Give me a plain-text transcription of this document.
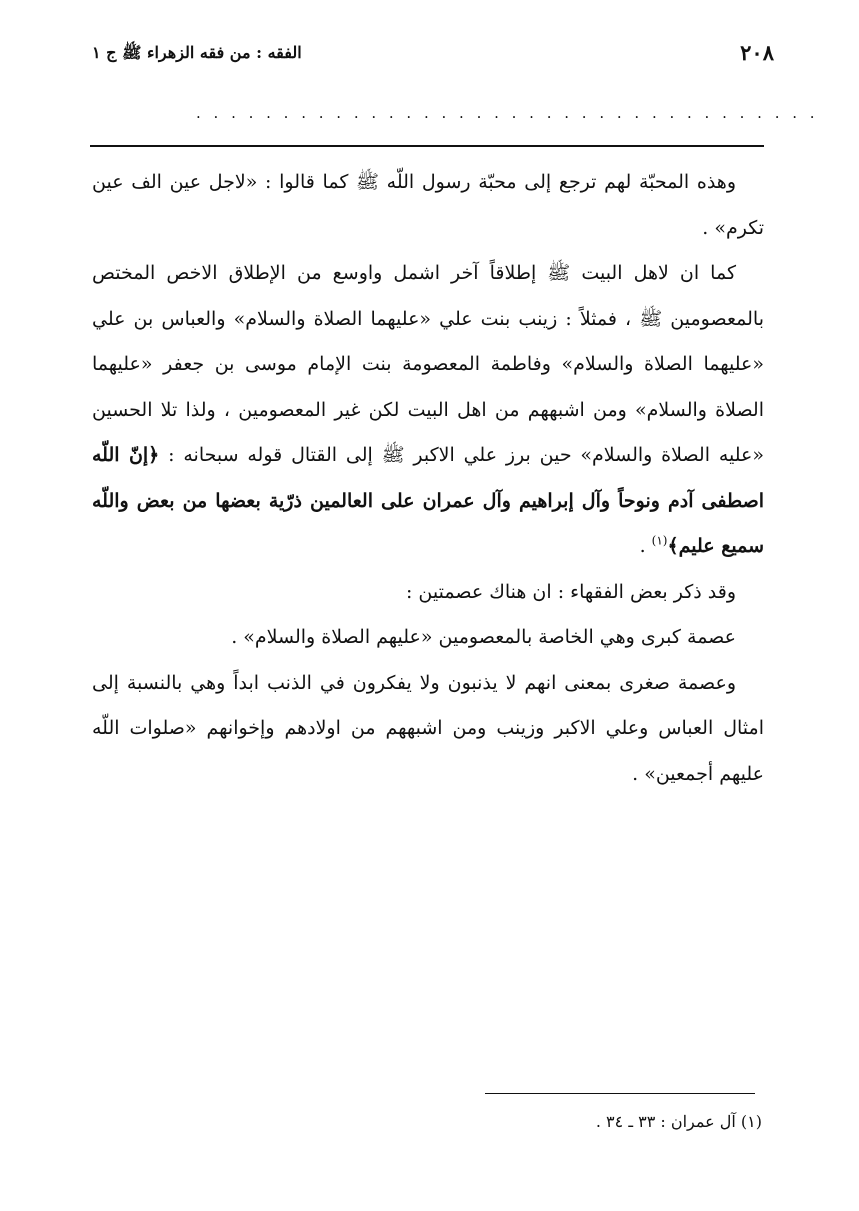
٢٠٨
الفقه : من فقه الزهراء ﷺ ج ١
. . . . . . . . . . . . . . . . . . . . . . . . . . . . . . . . . . . .

وهذه المحبّة لهم ترجع إلى محبّة رسول اللّه ﷺ كما قالوا : «لاجل عين الف عين تكرم» .

كما ان لاهل البيت ﷺ إطلاقاً آخر اشمل واوسع من الإطلاق الاخص المختص بالمعصومين ﷺ ، فمثلاً : زينب بنت علي «عليهما الصلاة والسلام» والعباس بن علي «عليهما الصلاة والسلام» وفاطمة المعصومة بنت الإمام موسى بن جعفر «عليهما الصلاة والسلام» ومن اشبههم من اهل البيت لكن غير المعصومين ، ولذا تلا الحسين «عليه الصلاة والسلام» حين برز علي الاكبر ﷺ إلى القتال قوله سبحانه : ﴿إنّ اللّه اصطفى آدم ونوحاً وآل إبراهيم وآل عمران على العالمين ذرّية بعضها من بعض واللّه سميع عليم﴾$^{(١)}$ .

وقد ذكر بعض الفقهاء : ان هناك عصمتين :

عصمة كبرى وهي الخاصة بالمعصومين «عليهم الصلاة والسلام» .

وعصمة صغرى بمعنى انهم لا يذنبون ولا يفكرون في الذنب ابداً وهي بالنسبة إلى امثال العباس وعلي الاكبر وزينب ومن اشبههم من اولادهم وإخوانهم «صلوات اللّه عليهم أجمعين» .

(١) آل عمران : ٣٣ ـ ٣٤ .
